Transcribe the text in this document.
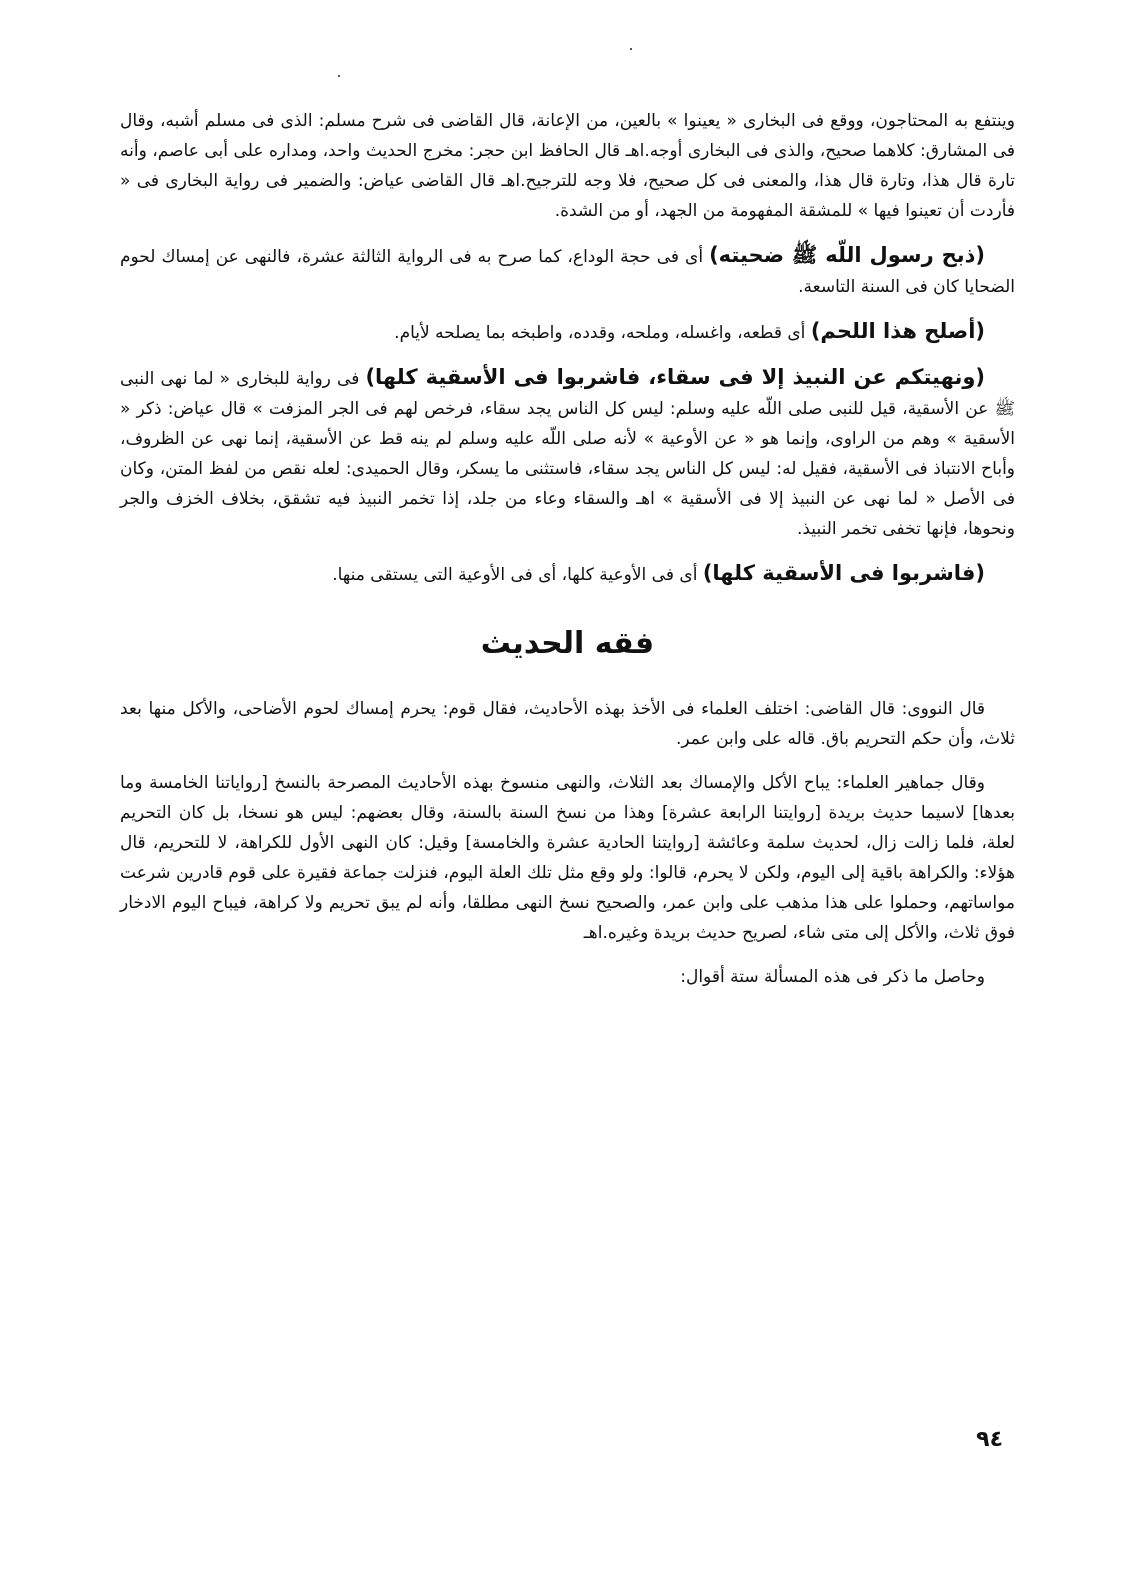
وينتفع به المحتاجون، ووقع فى البخارى « يعينوا » بالعين، من الإعانة، قال القاضى فى شرح مسلم: الذى فى مسلم أشبه، وقال فى المشارق: كلاهما صحيح، والذى فى البخارى أوجه.اهـ قال الحافظ ابن حجر: مخرج الحديث واحد، ومداره على أبى عاصم، وأنه تارة قال هذا، وتارة قال هذا، والمعنى فى كل صحيح، فلا وجه للترجيح.اهـ قال القاضى عياض: والضمير فى رواية البخارى فى « فأردت أن تعينوا فيها » للمشقة المفهومة من الجهد، أو من الشدة.

(ذبح رسول اللّه ﷺ ضحيته) أى فى حجة الوداع، كما صرح به فى الرواية الثالثة عشرة، فالنهى عن إمساك لحوم الضحايا كان فى السنة التاسعة.

(أصلح هذا اللحم) أى قطعه، واغسله، وملحه، وقدده، واطبخه بما يصلحه لأيام.

(ونهيتكم عن النبيذ إلا فى سقاء، فاشربوا فى الأسقية كلها) فى رواية للبخارى « لما نهى النبى ﷺ عن الأسقية، قيل للنبى صلى اللّه عليه وسلم: ليس كل الناس يجد سقاء، فرخص لهم فى الجر المزفت » قال عياض: ذكر « الأسقية » وهم من الراوى، وإنما هو « عن الأوعية » لأنه صلى اللّه عليه وسلم لم ينه قط عن الأسقية، إنما نهى عن الظروف، وأباح الانتباذ فى الأسقية، فقيل له: ليس كل الناس يجد سقاء، فاستثنى ما يسكر، وقال الحميدى: لعله نقص من لفظ المتن، وكان فى الأصل « لما نهى عن النبيذ إلا فى الأسقية » اهـ والسقاء وعاء من جلد، إذا تخمر النبيذ فيه تشقق، بخلاف الخزف والجر ونحوها، فإنها تخفى تخمر النبيذ.

(فاشربوا فى الأسقية كلها) أى فى الأوعية كلها، أى فى الأوعية التى يستقى منها.

فقه الحديث

قال النووى: قال القاضى: اختلف العلماء فى الأخذ بهذه الأحاديث، فقال قوم: يحرم إمساك لحوم الأضاحى، والأكل منها بعد ثلاث، وأن حكم التحريم باق. قاله على وابن عمر.

وقال جماهير العلماء: يباح الأكل والإمساك بعد الثلاث، والنهى منسوخ بهذه الأحاديث المصرحة بالنسخ [رواياتنا الخامسة وما بعدها] لاسيما حديث بريدة [روايتنا الرابعة عشرة] وهذا من نسخ السنة بالسنة، وقال بعضهم: ليس هو نسخا، بل كان التحريم لعلة، فلما زالت زال، لحديث سلمة وعائشة [روايتنا الحادية عشرة والخامسة] وقيل: كان النهى الأول للكراهة، لا للتحريم، قال هؤلاء: والكراهة باقية إلى اليوم، ولكن لا يحرم، قالوا: ولو وقع مثل تلك العلة اليوم، فنزلت جماعة فقيرة على قوم قادرين شرعت مواساتهم، وحملوا على هذا مذهب على وابن عمر، والصحيح نسخ النهى مطلقا، وأنه لم يبق تحريم ولا كراهة، فيباح اليوم الادخار فوق ثلاث، والأكل إلى متى شاء، لصريح حديث بريدة وغيره.اهـ

وحاصل ما ذكر فى هذه المسألة ستة أقوال:

٩٤
